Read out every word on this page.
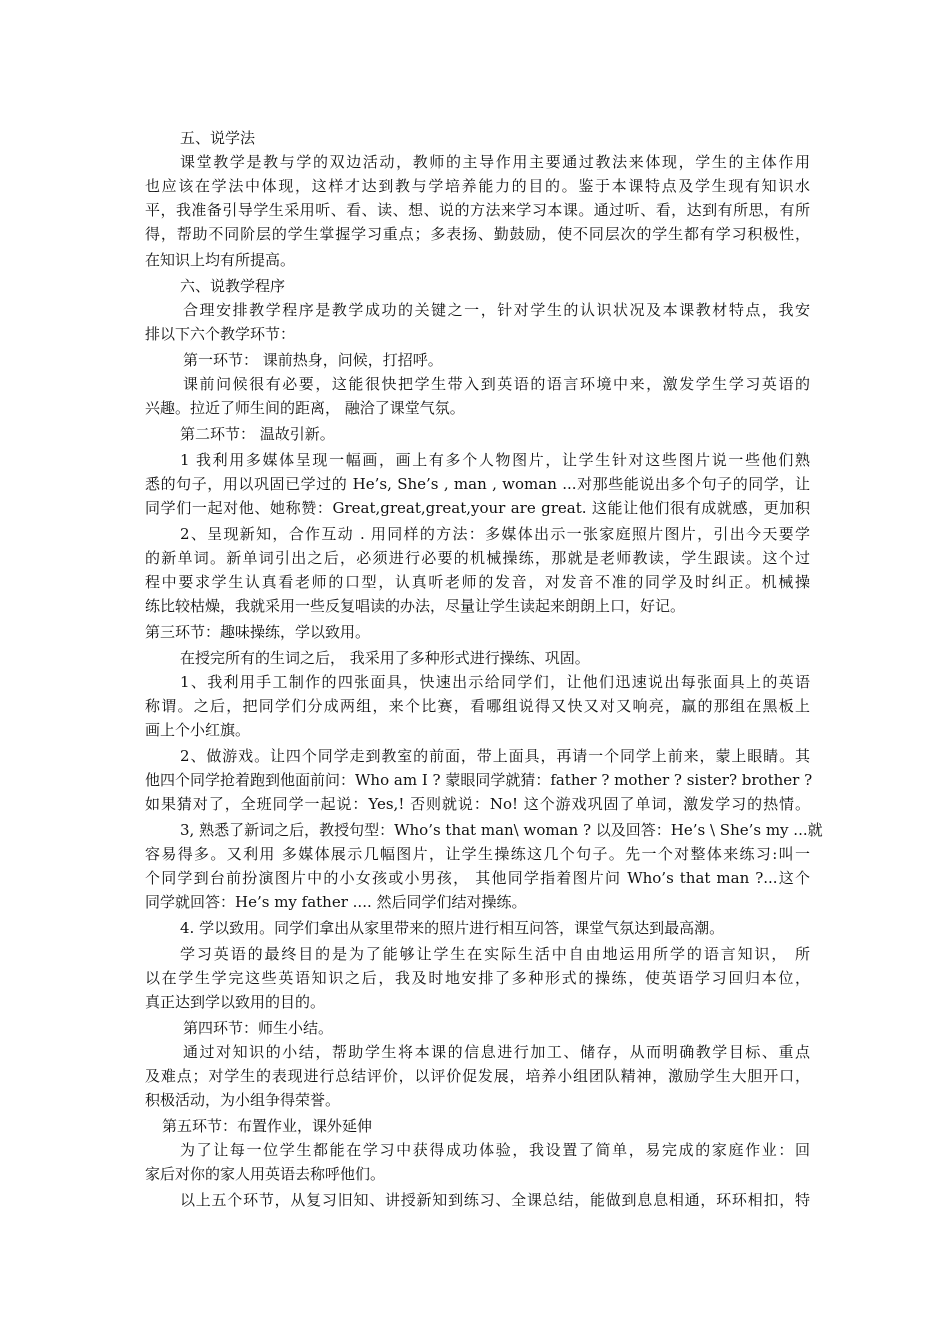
五、说学法
课堂教学是教与学的双边活动，教师的主导作用主要通过教法来体现，学生的主体作用
也应该在学法中体现，这样才达到教与学培养能力的目的。鉴于本课特点及学生现有知识水
平，我准备引导学生采用听、看、读、想、说的方法来学习本课。通过听、看，达到有所思，有所
得，帮助不同阶层的学生掌握学习重点；多表扬、勤鼓励，使不同层次的学生都有学习积极性，
在知识上均有所提高。
六、说教学程序
合理安排教学程序是教学成功的关键之一，针对学生的认识状况及本课教材特点，我安
排以下六个教学环节：
第一环节： 课前热身，问候，打招呼。
课前问候很有必要，这能很快把学生带入到英语的语言环境中来，激发学生学习英语的
兴趣。拉近了师生间的距离， 融洽了课堂气氛。
第二环节： 温故引新。
1 我利用多媒体呈现一幅画，画上有多个人物图片，让学生针对这些图片说一些他们熟
悉的句子，用以巩固已学过的 He’s, She’s , man , woman ...对那些能说出多个句子的同学，让
同学们一起对他、她称赞：Great,great,great,your are great. 这能让他们很有成就感，更加积
2、呈现新知，合作互动 . 用同样的方法：多媒体出示一张家庭照片图片，引出今天要学
的新单词。新单词引出之后，必须进行必要的机械操练，那就是老师教读，学生跟读。这个过
程中要求学生认真看老师的口型，认真听老师的发音，对发音不准的同学及时纠正。机械操
练比较枯燥，我就采用一些反复唱读的办法，尽量让学生读起来朗朗上口，好记。
第三环节：趣味操练，学以致用。
在授完所有的生词之后， 我采用了多种形式进行操练、巩固。
1、我利用手工制作的四张面具，快速出示给同学们，让他们迅速说出每张面具上的英语
称谓。之后，把同学们分成两组，来个比赛，看哪组说得又快又对又响亮，赢的那组在黑板上
画上个小红旗。
2、做游戏。让四个同学走到教室的前面，带上面具，再请一个同学上前来，蒙上眼睛。其
他四个同学抢着跑到他面前问：Who am I ? 蒙眼同学就猜：father ? mother ? sister? brother ?
如果猜对了，全班同学一起说：Yes,! 否则就说：No! 这个游戏巩固了单词，激发学习的热情。
3, 熟悉了新词之后，教授句型：Who’s that man\ woman ? 以及回答：He’s \ She’s my ...就
容易得多。又利用 多媒体展示几幅图片，让学生操练这几个句子。先一个对整体来练习:叫一
个同学到台前扮演图片中的小女孩或小男孩， 其他同学指着图片问 Who’s that man ?...这个
同学就回答：He’s my father .... 然后同学们结对操练。
4. 学以致用。同学们拿出从家里带来的照片进行相互问答，课堂气氛达到最高潮。
学习英语的最终目的是为了能够让学生在实际生活中自由地运用所学的语言知识， 所
以在学生学完这些英语知识之后，我及时地安排了多种形式的操练，使英语学习回归本位，
真正达到学以致用的目的。
第四环节：师生小结。
通过对知识的小结，帮助学生将本课的信息进行加工、储存，从而明确教学目标、重点
及难点；对学生的表现进行总结评价，以评价促发展，培养小组团队精神，激励学生大胆开口，
积极活动，为小组争得荣誉。
第五环节：布置作业，课外延伸
为了让每一位学生都能在学习中获得成功体验，我设置了简单，易完成的家庭作业：回
家后对你的家人用英语去称呼他们。
以上五个环节，从复习旧知、讲授新知到练习、全课总结，能做到息息相通，环环相扣，特
